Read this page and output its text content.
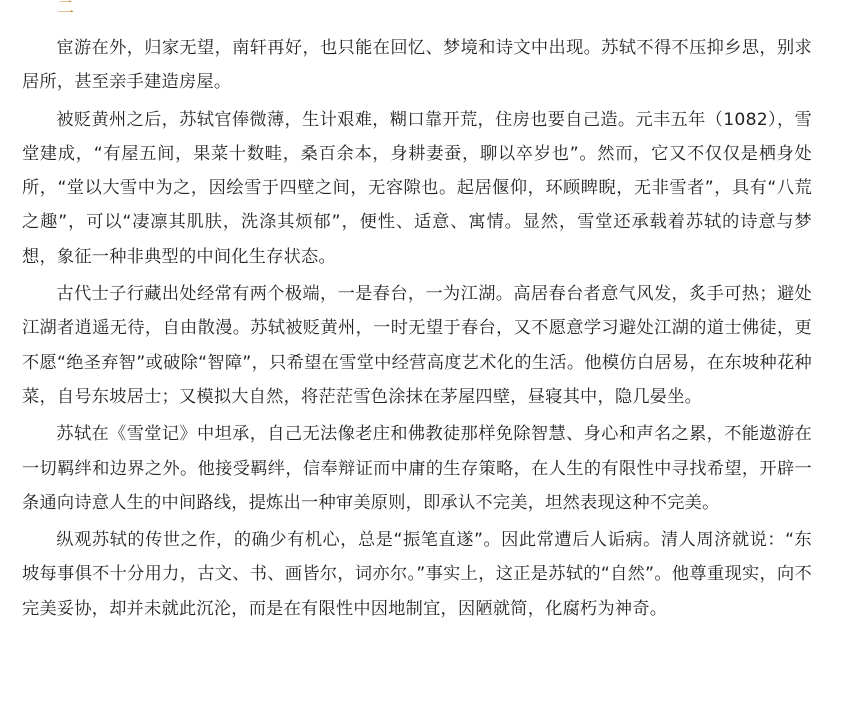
二

宦游在外，归家无望，南轩再好，也只能在回忆、梦境和诗文中出现。苏轼不得不压抑乡思，别求居所，甚至亲手建造房屋。

被贬黄州之后，苏轼官俸微薄，生计艰难，糊口靠开荒，住房也要自己造。元丰五年（1082），雪堂建成，“有屋五间，果菜十数畦，桑百余本，身耕妻蚕，聊以卒岁也”。然而，它又不仅仅是栖身处所，“堂以大雪中为之，因绘雪于四壁之间，无容隙也。起居偃仰，环顾睥睨，无非雪者”，具有“八荒之趣”，可以“凄凛其肌肤，洗涤其烦郁”，便性、适意、寓情。显然，雪堂还承载着苏轼的诗意与梦想，象征一种非典型的中间化生存状态。

古代士子行藏出处经常有两个极端，一是春台，一为江湖。高居春台者意气风发，炙手可热；避处江湖者逍遥无待，自由散漫。苏轼被贬黄州，一时无望于春台，又不愿意学习避处江湖的道士佛徒，更不愿“绝圣弃智”或破除“智障”，只希望在雪堂中经营高度艺术化的生活。他模仿白居易，在东坡种花种菜，自号东坡居士；又模拟大自然，将茫茫雪色涂抹在茅屋四壁，昼寝其中，隐几晏坐。

苏轼在《雪堂记》中坦承，自己无法像老庄和佛教徒那样免除智慧、身心和声名之累，不能遨游在一切羁绊和边界之外。他接受羁绊，信奉辩证而中庸的生存策略，在人生的有限性中寻找希望，开辟一条通向诗意人生的中间路线，提炼出一种审美原则，即承认不完美，坦然表现这种不完美。

纵观苏轼的传世之作，的确少有机心，总是“振笔直遂”。因此常遭后人诟病。清人周济就说：“东坡每事俱不十分用力，古文、书、画皆尔，词亦尔。”事实上，这正是苏轼的“自然”。他尊重现实，向不完美妥协，却并未就此沉沦，而是在有限性中因地制宜，因陋就简，化腐朽为神奇。
